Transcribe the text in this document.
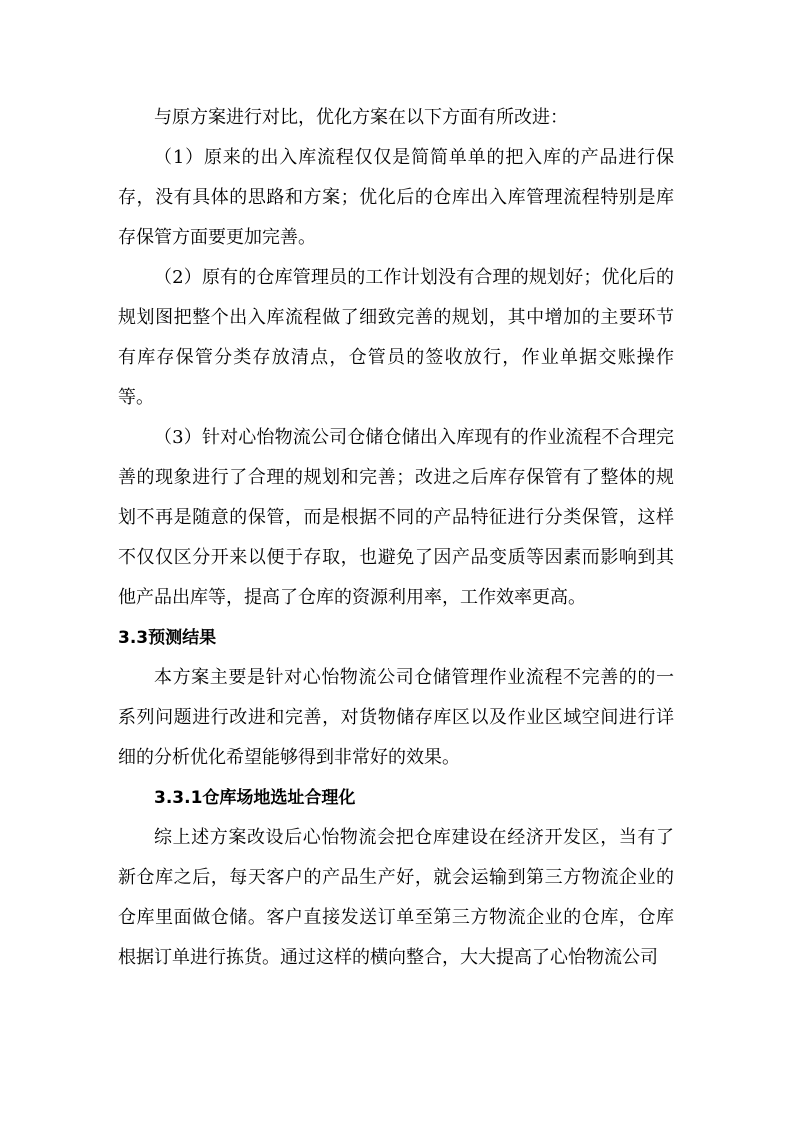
与原方案进行对比，优化方案在以下方面有所改进：

（1）原来的出入库流程仅仅是简简单单的把入库的产品进行保存，没有具体的思路和方案；优化后的仓库出入库管理流程特别是库存保管方面要更加完善。

（2）原有的仓库管理员的工作计划没有合理的规划好；优化后的规划图把整个出入库流程做了细致完善的规划，其中增加的主要环节有库存保管分类存放清点，仓管员的签收放行，作业单据交账操作等。

（3）针对心怡物流公司仓储仓储出入库现有的作业流程不合理完善的现象进行了合理的规划和完善；改进之后库存保管有了整体的规划不再是随意的保管，而是根据不同的产品特征进行分类保管，这样不仅仅区分开来以便于存取，也避免了因产品变质等因素而影响到其他产品出库等，提高了仓库的资源利用率，工作效率更高。

3.3预测结果

本方案主要是针对心怡物流公司仓储管理作业流程不完善的的一系列问题进行改进和完善，对货物储存库区以及作业区域空间进行详细的分析优化希望能够得到非常好的效果。

3.3.1仓库场地选址合理化

综上述方案改设后心怡物流会把仓库建设在经济开发区，当有了新仓库之后，每天客户的产品生产好，就会运输到第三方物流企业的仓库里面做仓储。客户直接发送订单至第三方物流企业的仓库，仓库根据订单进行拣货。通过这样的横向整合，大大提高了心怡物流公司
